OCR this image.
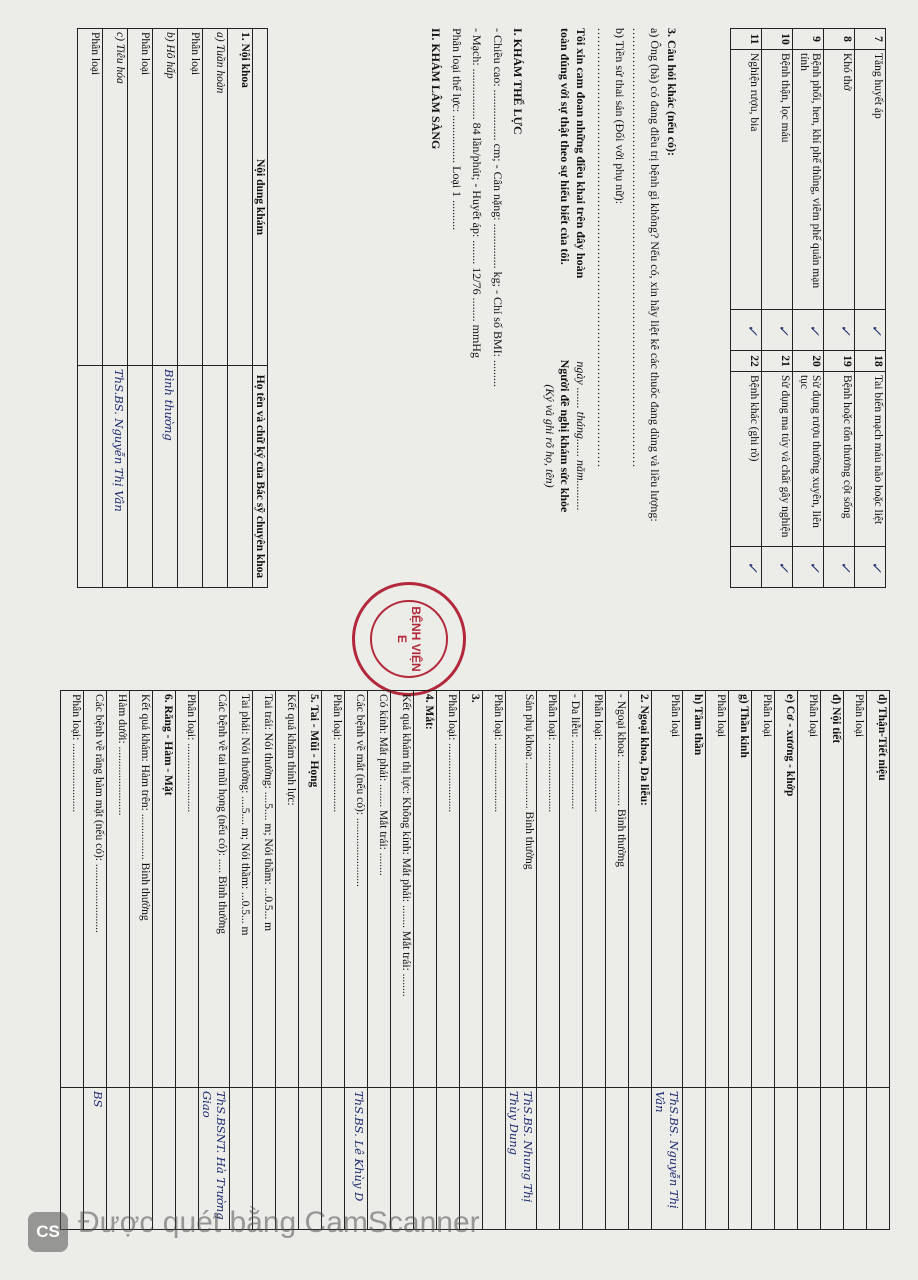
7	Tăng huyết áp	✓	18	Tai biến mạch máu não hoặc liệt	✓
8	Khó thở	✓	19	Bệnh hoặc tổn thương cột sống	✓
9	Bệnh phổi, hen, khí phế thũng, viêm phế quản mạn tính	✓	20	Sử dụng rượu thường xuyên, liên tục	✓
10	Bệnh thận, lọc máu	✓	21	Sử dụng ma túy và chất gây nghiện	✓
11	Nghiện rượu, bia	✓	22	Bệnh khác (ghi rõ)	✓
3. Câu hỏi khác (nếu có):
a) Ông (bà) có đang điều trị bệnh gì không? Nếu có, xin hãy liệt kê các thuốc đang dùng và liều lượng:
..............................................................................................................
b) Tiền sử thai sản (Đối với phụ nữ):
..............................................................................................................
Tôi xin cam đoan những điều khai trên đây hoàn toàn đúng với sự thật theo sự hiểu biết của tôi.
ngày ....... tháng...... năm..........
Người đề nghị khám sức khỏe
(Ký và ghi rõ họ, tên)
I. KHÁM THỂ LỰC
- Chiều cao: ................. cm; - Cân nặng: ............... kg; - Chỉ số BMI: .........
- Mạch: ................. 84 lần/phút; - Huyết áp: ........ 12/76 ........ mmHg
Phân loại thể lực: ................ Loại 1 ..........
II. KHÁM LÂM SÀNG
Nội dung khám	Họ tên và chữ ký của Bác sỹ chuyên khoa
1. Nội khoa	
a) Tuần hoàn	
Phân loại	
b) Hô hấp	Bình thường
Phân loại	
c) Tiêu hóa	ThS.BS. Nguyễn Thị Vân
Phân loại	
BỆNH VIỆN
E
d) Thận-Tiết niệu	
Phân loại	
đ) Nội tiết	
Phân loại	
e) Cơ - xương - khớp	
Phân loại	
g) Thần kinh	
Phân loại	
h) Tâm thần	
Phân loại	ThS.BS. Nguyễn Thị Vân
2. Ngoại khoa, Da liễu:	
- Ngoại khoa: ................ Bình thường	
Phân loại: ........................	
- Da liễu: ........................	
Phân loại: ........................	
Sản phụ khoa: ................ Bình thường	ThS.BS. Nhung Thị Thùy Dung
Phân loại: ........................	
3.	
Phân loại: ........................	
4. Mắt:	
Kết quả khám thị lực: Không kính: Mắt phải: ........ Mắt trái: ........	
Có kính: Mắt phải: ........ Mắt trái: ........	
Các bệnh về mắt (nếu có): ........................	ThS.BS. Lê Khùy D
Phân loại: ........................	
5. Tai - Mũi - Họng	
Kết quả khám thính lực:	
Tai trái: Nói thường: ....5.... m; Nói thầm: ...0.5... m	
Tai phải: Nói thường: ....5.... m; Nói thầm: ...0.5... m	
Các bệnh về tai mũi họng (nếu có): ..... Bình thường	ThS.BSNT. Hà Trường Giao
Phân loại: ........................	
6. Răng - Hàm - Mặt	
Kết quả khám: Hàm trên: ................ Bình thường	
Hàm dưới: ........................	
Các bệnh về răng hàm mặt (nếu có): ........................	BS
Phân loại: ........................	
CS Được quét bằng CamScanner
